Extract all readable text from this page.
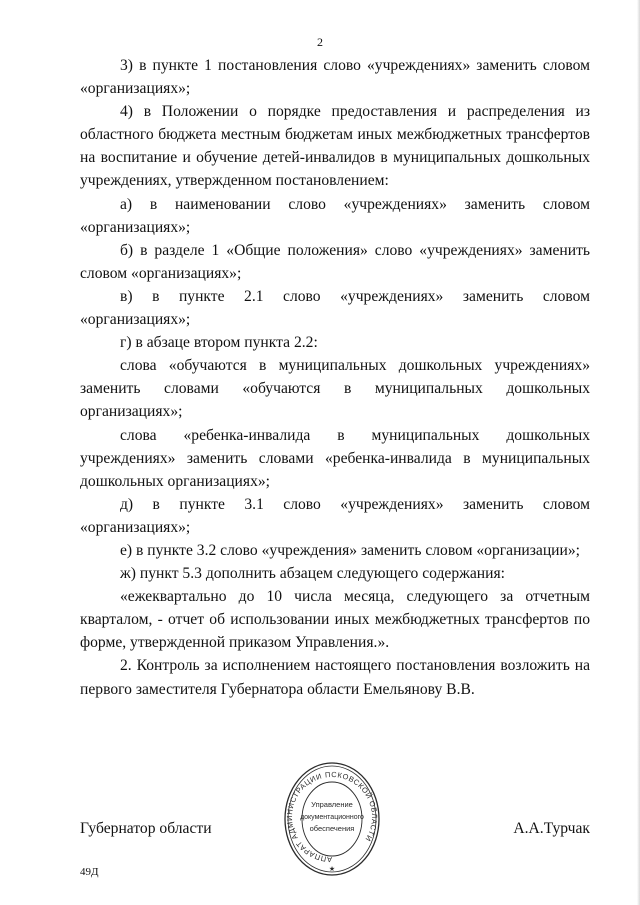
2

3) в пункте 1 постановления слово «учреждениях» заменить словом «организациях»;

4) в Положении о порядке предоставления и распределения из областного бюджета местным бюджетам иных межбюджетных трансфертов на воспитание и обучение детей-инвалидов в муниципальных дошкольных учреждениях, утвержденном постановлением:

а) в наименовании слово «учреждениях» заменить словом «организациях»;

б) в разделе 1 «Общие положения» слово «учреждениях» заменить словом «организациях»;

в) в пункте 2.1 слово «учреждениях» заменить словом «организациях»;

г) в абзаце втором пункта 2.2:

слова «обучаются в муниципальных дошкольных учреждениях» заменить словами «обучаются в муниципальных дошкольных организациях»;

слова «ребенка-инвалида в муниципальных дошкольных учреждениях» заменить словами «ребенка-инвалида в муниципальных дошкольных организациях»;

д) в пункте 3.1 слово «учреждениях» заменить словом «организациях»;

е) в пункте 3.2 слово «учреждения» заменить словом «организации»;

ж) пункт 5.3 дополнить абзацем следующего содержания:

«ежеквартально до 10 числа месяца, следующего за отчетным кварталом, - отчет об использовании иных межбюджетных трансфертов по форме, утвержденной приказом Управления.».

2. Контроль за исполнением настоящего постановления возложить на первого заместителя Губернатора области Емельянову В.В.

АППАРАТ АДМИНИСТРАЦИИ ПСКОВСКОЙ ОБЛАСТИ
Управление
документационного
обеспечения
★
Губернатор области	А.А.Турчак
49Д
